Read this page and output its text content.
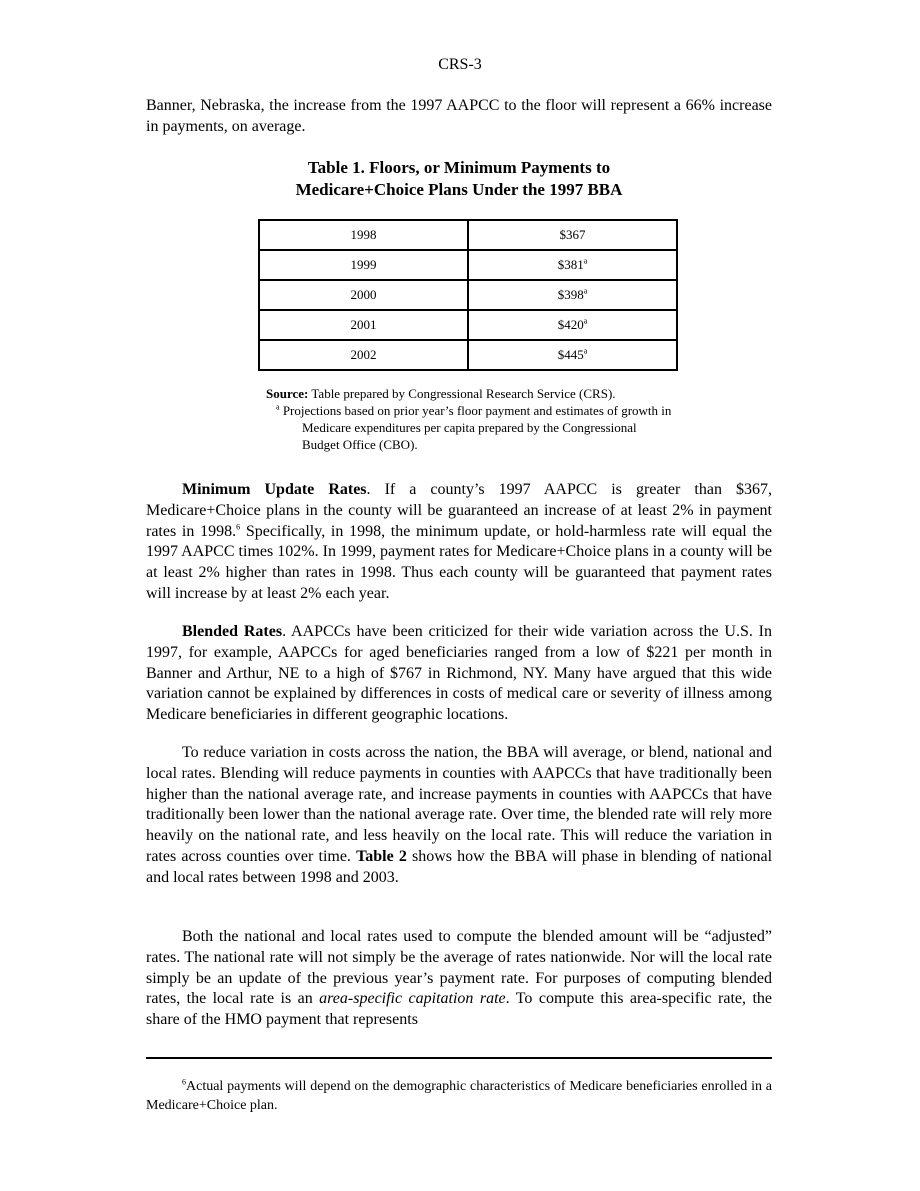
CRS-3

Banner, Nebraska, the increase from the 1997 AAPCC to the floor will represent a 66% increase in payments, on average.

Table 1. Floors, or Minimum Payments to
Medicare+Choice Plans Under the 1997 BBA
1998	$367
1999	$381$^a$
2000	$398$^a$
2001	$420$^a$
2002	$445$^a$

Source: Table prepared by Congressional Research Service (CRS).

$^a$ Projections based on prior year’s floor payment and estimates of growth in Medicare expenditures per capita prepared by the Congressional Budget Office (CBO).

Minimum Update Rates. If a county’s 1997 AAPCC is greater than $367, Medicare+Choice plans in the county will be guaranteed an increase of at least 2% in payment rates in 1998.$^6$ Specifically, in 1998, the minimum update, or hold-harmless rate will equal the 1997 AAPCC times 102%. In 1999, payment rates for Medicare+Choice plans in a county will be at least 2% higher than rates in 1998. Thus each county will be guaranteed that payment rates will increase by at least 2% each year.

Blended Rates. AAPCCs have been criticized for their wide variation across the U.S. In 1997, for example, AAPCCs for aged beneficiaries ranged from a low of $221 per month in Banner and Arthur, NE to a high of $767 in Richmond, NY. Many have argued that this wide variation cannot be explained by differences in costs of medical care or severity of illness among Medicare beneficiaries in different geographic locations.

To reduce variation in costs across the nation, the BBA will average, or blend, national and local rates. Blending will reduce payments in counties with AAPCCs that have traditionally been higher than the national average rate, and increase payments in counties with AAPCCs that have traditionally been lower than the national average rate. Over time, the blended rate will rely more heavily on the national rate, and less heavily on the local rate. This will reduce the variation in rates across counties over time. Table 2 shows how the BBA will phase in blending of national and local rates between 1998 and 2003.

Both the national and local rates used to compute the blended amount will be “adjusted” rates. The national rate will not simply be the average of rates nationwide. Nor will the local rate simply be an update of the previous year’s payment rate. For purposes of computing blended rates, the local rate is an area-specific capitation rate. To compute this area-specific rate, the share of the HMO payment that represents

$^6$Actual payments will depend on the demographic characteristics of Medicare beneficiaries enrolled in a Medicare+Choice plan.
